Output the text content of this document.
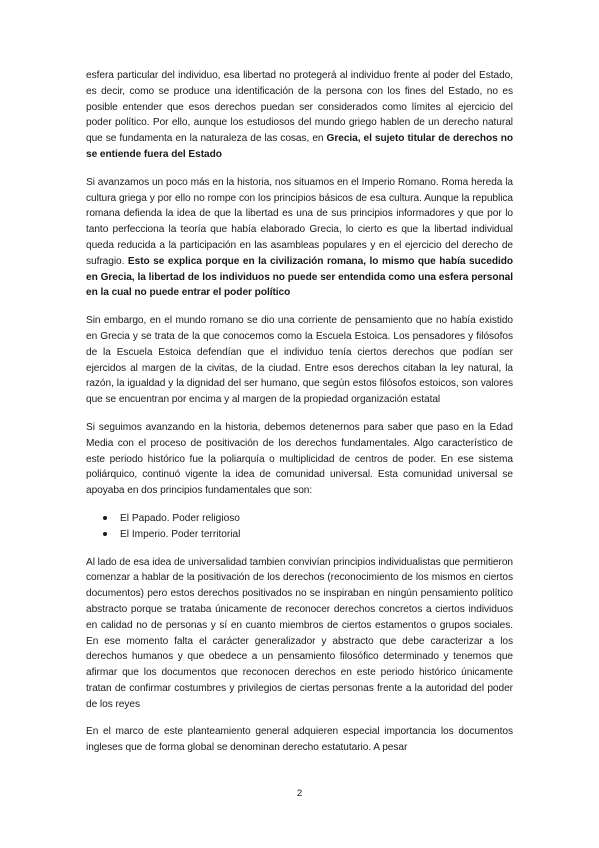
esfera particular del individuo, esa libertad no protegerá al individuo frente al poder del Estado, es decir, como se produce una identificación de la persona con los fines del Estado, no es posible entender que esos derechos puedan ser considerados como límites al ejercicio del poder político. Por ello, aunque los estudiosos del mundo griego hablen de un derecho natural que se fundamenta en la naturaleza de las cosas, en Grecia, el sujeto titular de derechos no se entiende fuera del Estado

Si avanzamos un poco más en la historia, nos situamos en el Imperio Romano. Roma hereda la cultura griega y por ello no rompe con los principios básicos de esa cultura. Aunque la republica romana defienda la idea de que la libertad es una de sus principios informadores y que por lo tanto perfecciona la teoría que había elaborado Grecia, lo cierto es que la libertad individual queda reducida a la participación en las asambleas populares y en el ejercicio del derecho de sufragio. Esto se explica porque en la civilización romana, lo mismo que había sucedido en Grecia, la libertad de los individuos no puede ser entendida como una esfera personal en la cual no puede entrar el poder político

Sin embargo, en el mundo romano se dio una corriente de pensamiento que no había existido en Grecia y se trata de la que conocemos como la Escuela Estoica. Los pensadores y filósofos de la Escuela Estoica defendían que el individuo tenía ciertos derechos que podían ser ejercidos al margen de la civitas, de la ciudad. Entre esos derechos citaban la ley natural, la razón, la igualdad y la dignidad del ser humano, que según estos filósofos estoicos, son valores que se encuentran por encima y al margen de la propiedad organización estatal

Si seguimos avanzando en la historia, debemos detenernos para saber que paso en la Edad Media con el proceso de positivación de los derechos fundamentales. Algo característico de este periodo histórico fue la poliarquía o multiplicidad de centros de poder. En ese sistema poliárquico, continuó vigente la idea de comunidad universal. Esta comunidad universal se apoyaba en dos principios fundamentales que son:

El Papado. Poder religioso
El Imperio. Poder territorial

Al lado de esa idea de universalidad tambien convivían principios individualistas que permitieron comenzar a hablar de la positivación de los derechos (reconocimiento de los mismos en ciertos documentos) pero estos derechos positivados no se inspiraban en ningún pensamiento político abstracto porque se trataba únicamente de reconocer derechos concretos a ciertos individuos en calidad no de personas y sí en cuanto miembros de ciertos estamentos o grupos sociales. En ese momento falta el carácter generalizador y abstracto que debe caracterizar a los derechos humanos y que obedece a un pensamiento filosófico determinado y tenemos que afirmar que los documentos que reconocen derechos en este periodo histórico únicamente tratan de confirmar costumbres y privilegios de ciertas personas frente a la autoridad del poder de los reyes

En el marco de este planteamiento general adquieren especial importancia los documentos ingleses que de forma global se denominan derecho estatutario. A pesar

2
